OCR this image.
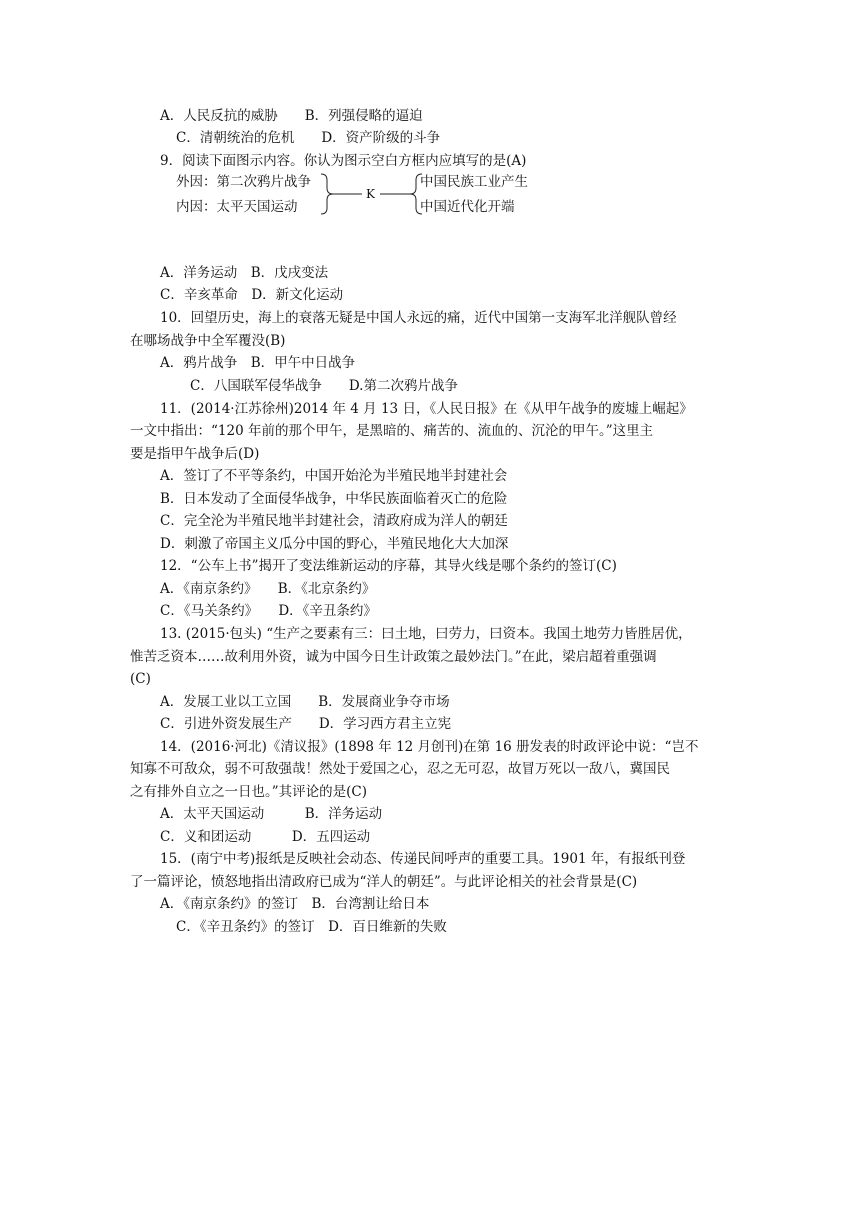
A．人民反抗的威胁　　B．列强侵略的逼迫
C．清朝统治的危机　　D．资产阶级的斗争
9．阅读下面图示内容。你认为图示空白方框内应填写的是(A)
外因：第二次鸦片战争
内因：太平天国运动
K
中国民族工业产生
中国近代化开端
A．洋务运动　B．戊戌变法
C．辛亥革命　D．新文化运动
10．回望历史，海上的衰落无疑是中国人永远的痛，近代中国第一支海军北洋舰队曾经
在哪场战争中全军覆没(B)
A．鸦片战争　B．甲午中日战争
C．八国联军侵华战争　　D.第二次鸦片战争
11．(2014·江苏徐州)2014 年 4 月 13 日，《人民日报》在《从甲午战争的废墟上崛起》
一文中指出：“120 年前的那个甲午，是黑暗的、痛苦的、流血的、沉沦的甲午。”这里主
要是指甲午战争后(D)
A．签订了不平等条约，中国开始沦为半殖民地半封建社会
B．日本发动了全面侵华战争，中华民族面临着灭亡的危险
C．完全沦为半殖民地半封建社会，清政府成为洋人的朝廷
D．刺激了帝国主义瓜分中国的野心，半殖民地化大大加深
12．“公车上书”揭开了变法维新运动的序幕，其导火线是哪个条约的签订(C)
A．《南京条约》　　B．《北京条约》
C．《马关条约》　　D．《辛丑条约》
13. (2015·包头) “生产之要素有三：曰土地，曰劳力，曰资本。我国土地劳力皆胜居优，
惟苦乏资本……故利用外资，诚为中国今日生计政策之最妙法门。”在此，梁启超着重强调
(C)
A．发展工业以工立国　　B．发展商业争夺市场
C．引进外资发展生产　　D．学习西方君主立宪
14．(2016·河北)《清议报》(1898 年 12 月创刊)在第 16 册发表的时政评论中说：“岂不
知寡不可敌众，弱不可敌强哉！然处于爱国之心，忍之无可忍，故冒万死以一敌八，冀国民
之有排外自立之一日也。”其评论的是(C)
A．太平天国运动　　　B．洋务运动
C．义和团运动　　　D．五四运动
15．(南宁中考)报纸是反映社会动态、传递民间呼声的重要工具。1901 年，有报纸刊登
了一篇评论，愤怒地指出清政府已成为“洋人的朝廷”。与此评论相关的社会背景是(C)
A．《南京条约》的签订　B．台湾割让给日本
C．《辛丑条约》的签订　D．百日维新的失败
